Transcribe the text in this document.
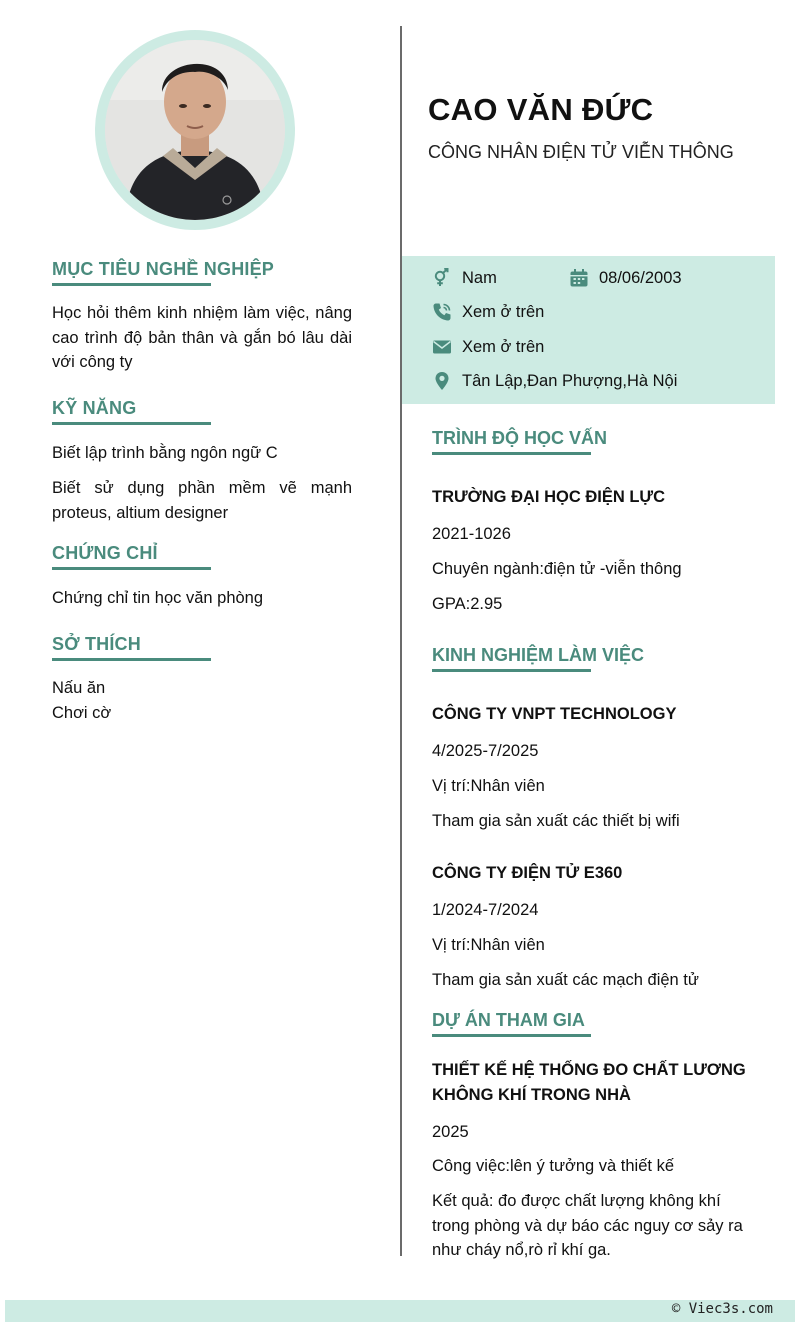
MỤC TIÊU NGHỀ NGHIỆP
Học hỏi thêm kinh nhiệm làm việc, nâng cao trình độ bản thân và gắn bó lâu dài với công ty
KỸ NĂNG
Biết lập trình bằng ngôn ngữ C
Biết sử dụng phần mềm vẽ mạnh proteus, altium designer
CHỨNG CHỈ
Chứng chỉ tin học văn phòng
SỞ THÍCH
Nấu ăn
Chơi cờ
CAO VĂN ĐỨC
CÔNG NHÂN ĐIỆN TỬ VIỄN THÔNG
Nam	08/06/2003
Xem ở trên
Xem ở trên
Tân Lập,Đan Phượng,Hà Nội
TRÌNH ĐỘ HỌC VẤN
TRƯỜNG ĐẠI HỌC ĐIỆN LỰC
2021-1026
Chuyên ngành:điện tử -viễn thông
GPA:2.95
KINH NGHIỆM LÀM VIỆC
CÔNG TY VNPT TECHNOLOGY
4/2025-7/2025
Vị trí:Nhân viên
Tham gia sản xuất các thiết bị wifi
CÔNG TY ĐIỆN TỬ E360
1/2024-7/2024
Vị trí:Nhân viên
Tham gia sản xuất các mạch điện tử
DỰ ÁN THAM GIA
THIẾT KẾ HỆ THỐNG ĐO CHẤT LƯƠNG KHÔNG KHÍ TRONG NHÀ
2025
Công việc:lên ý tưởng và thiết kế
Kết quả: đo được chất lượng không khí trong phòng và dự báo các nguy cơ sảy ra như cháy nổ,rò rỉ khí ga.
© Viec3s.com
